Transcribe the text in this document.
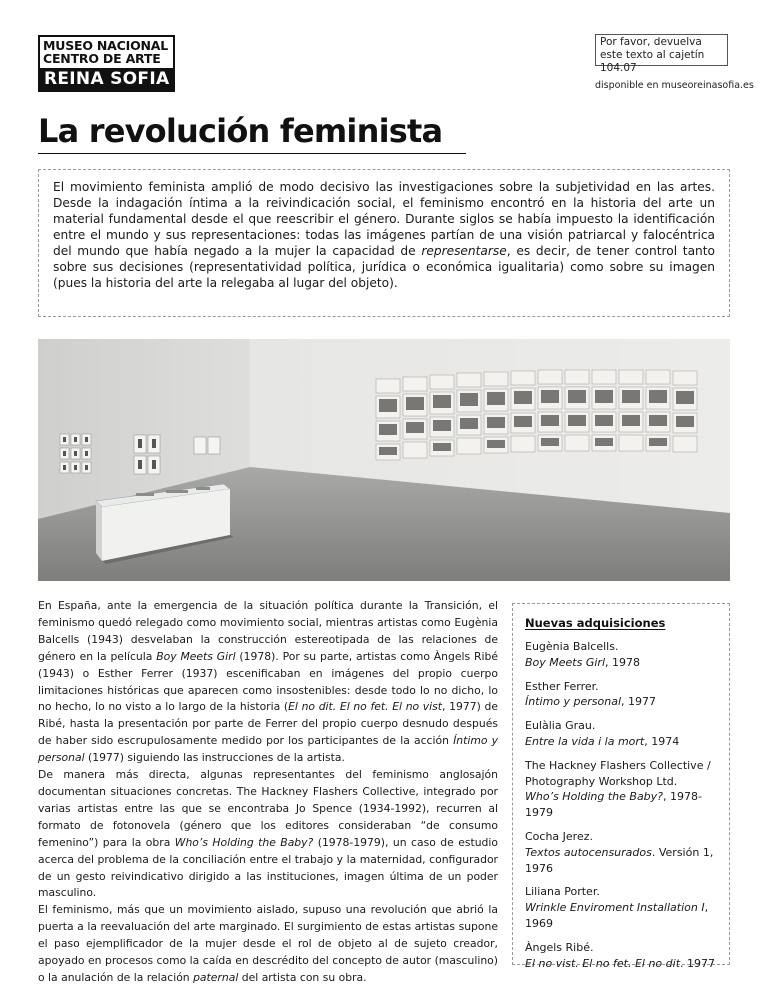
MUSEO NACIONAL
CENTRO DE ARTE
REINA SOFIA
Por favor, devuelva este texto al cajetín 104.07
disponible en museoreinasofia.es
La revolución feminista
El movimiento feminista amplió de modo decisivo las investigaciones sobre la subjetividad en las artes. Desde la indagación íntima a la reivindicación social, el feminismo encontró en la historia del arte un material fundamental desde el que reescribir el género. Durante siglos se había impuesto la identificación entre el mundo y sus representaciones: todas las imágenes partían de una visión patriarcal y falocéntrica del mundo que había negado a la mujer la capacidad de representarse, es decir, de tener control tanto sobre sus decisiones (representatividad política, jurídica o económica igualitaria) como sobre su imagen (pues la historia del arte la relegaba al lugar del objeto).

En España, ante la emergencia de la situación política durante la Transición, el feminismo quedó relegado como movimiento social, mientras artistas como Eugènia Balcells (1943) desvelaban la construcción estereotipada de las relaciones de género en la película Boy Meets Girl (1978). Por su parte, artistas como Àngels Ribé (1943) o Esther Ferrer (1937) escenificaban en imágenes del propio cuerpo limitaciones históricas que aparecen como insostenibles: desde todo lo no dicho, lo no hecho, lo no visto a lo largo de la historia (El no dit. El no fet. El no vist, 1977) de Ribé, hasta la presentación por parte de Ferrer del propio cuerpo desnudo después de haber sido escrupulosamente medido por los participantes de la acción Íntimo y personal (1977) siguiendo las instrucciones de la artista.

De manera más directa, algunas representantes del feminismo anglosajón documentan situaciones concretas. The Hackney Flashers Collective, integrado por varias artistas entre las que se encontraba Jo Spence (1934-1992), recurren al formato de fotonovela (género que los editores consideraban “de consumo femenino”) para la obra Who’s Holding the Baby? (1978-1979), un caso de estudio acerca del problema de la conciliación entre el trabajo y la maternidad, configurador de un gesto reivindicativo dirigido a las instituciones, imagen última de un poder masculino.

El feminismo, más que un movimiento aislado, supuso una revolución que abrió la puerta a la reevaluación del arte marginado. El surgimiento de estas artistas supone el paso ejemplificador de la mujer desde el rol de objeto al de sujeto creador, apoyado en procesos como la caída en descrédito del concepto de autor (masculino) o la anulación de la relación paternal del artista con su obra.

Nuevas adquisiciones
Eugènia Balcells.
Boy Meets Girl, 1978
Esther Ferrer.
Íntimo y personal, 1977
Eulàlia Grau.
Entre la vida i la mort, 1974
The Hackney Flashers Collective / Photography Workshop Ltd.
Who’s Holding the Baby?, 1978-1979
Cocha Jerez.
Textos autocensurados. Versión 1, 1976
Liliana Porter.
Wrinkle Enviroment Installation I, 1969
Àngels Ribé.
El no vist. El no fet. El no dit. 1977
